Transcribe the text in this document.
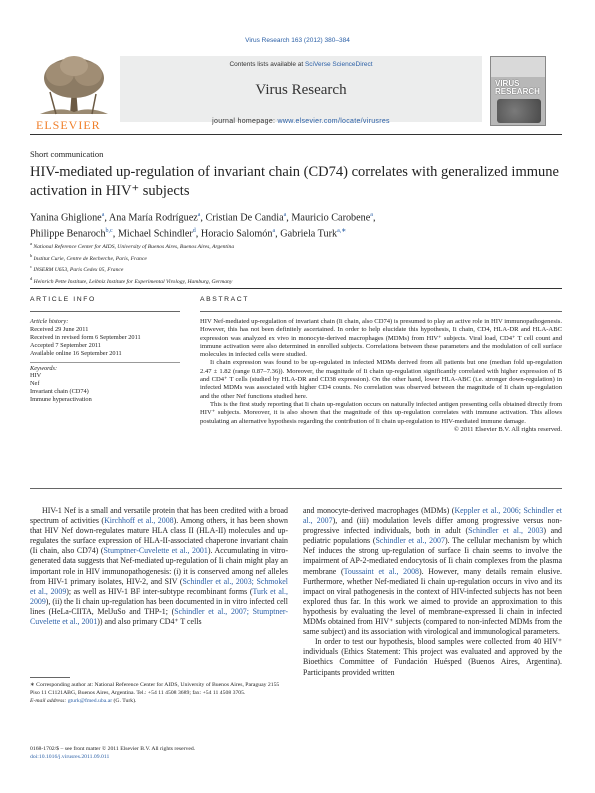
Virus Research 163 (2012) 380–384
ELSEVIER
Contents lists available at SciVerse ScienceDirect
Virus Research
journal homepage: www.elsevier.com/locate/virusres
VIRUS
RESEARCH
Short communication
HIV-mediated up-regulation of invariant chain (CD74) correlates with generalized immune activation in HIV⁺ subjects
Yanina Ghiglione$^a$, Ana María Rodríguez$^a$, Cristian De Candia$^a$, Mauricio Carobene$^a$,
Philippe Benaroch$^{b,c}$, Michael Schindler$^d$, Horacio Salomón$^a$, Gabriela Turk$^{a,∗}$
$^a$ National Reference Center for AIDS, University of Buenos Aires, Buenos Aires, Argentina
$^b$ Institut Curie, Centre de Recherche, Paris, France
$^c$ INSERM U653, Paris Cedex 05, France
$^d$ Heinrich Pette Institute, Leibniz Institute for Experimental Virology, Hamburg, Germany
ARTICLE INFO
Article history:
Received 29 June 2011
Received in revised form 6 September 2011
Accepted 7 September 2011
Available online 16 September 2011
Keywords:
HIV
Nef
Invariant chain (CD74)
Immune hyperactivation
ABSTRACT

HIV Nef-mediated up-regulation of invariant chain (Ii chain, also CD74) is presumed to play an active role in HIV immunopathogenesis. However, this has not been definitely ascertained. In order to help elucidate this hypothesis, Ii chain, CD4, HLA-DR and HLA-ABC expression was analyzed ex vivo in monocyte-derived macrophages (MDMs) from HIV⁺ subjects. Viral load, CD4⁺ T cell count and immune activation were also determined in enrolled subjects. Correlations between these parameters and the modulation of cell surface molecules in infected cells were studied.

Ii chain expression was found to be up-regulated in infected MDMs derived from all patients but one (median fold up-regulation 2.47 ± 1.82 (range 0.87–7.36)). Moreover, the magnitude of Ii chain up-regulation significantly correlated with higher expression of B and CD4⁺ T cells (studied by HLA-DR and CD38 expression). On the other hand, lower HLA-ABC (i.e. stronger down-regulation) in infected MDMs was associated with higher CD4 counts. No correlation was observed between the magnitude of Ii chain up-regulation and the other Nef functions studied here.

This is the first study reporting that Ii chain up-regulation occurs on naturally infected antigen presenting cells obtained directly from HIV⁺ subjects. Moreover, it is also shown that the magnitude of this up-regulation correlates with immune activation. This allows postulating an alternative hypothesis regarding the contribution of Ii chain up-regulation to HIV-mediated immune damage.

© 2011 Elsevier B.V. All rights reserved.

HIV-1 Nef is a small and versatile protein that has been credited with a broad spectrum of activities (Kirchhoff et al., 2008). Among others, it has been shown that HIV Nef down-regulates mature HLA class II (HLA-II) molecules and up-regulates the surface expression of HLA-II-associated chaperone invariant chain (Ii chain, also CD74) (Stumptner-Cuvelette et al., 2001). Accumulating in vitro-generated data suggests that Nef-mediated up-regulation of Ii chain might play an important role in HIV immunopathogenesis: (i) it is conserved among nef alleles from HIV-1 primary isolates, HIV-2, and SIV (Schindler et al., 2003; Schmokel et al., 2009); as well as HIV-1 BF inter-subtype recombinant forms (Turk et al., 2009), (ii) the Ii chain up-regulation has been documented in in vitro infected cell lines (HeLa-CIITA, MelJuSo and THP-1; (Schindler et al., 2007; Stumptner-Cuvelette et al., 2001)) and also primary CD4⁺ T cells

and monocyte-derived macrophages (MDMs) (Keppler et al., 2006; Schindler et al., 2007), and (iii) modulation levels differ among progressive versus non-progressive infected individuals, both in adult (Schindler et al., 2003) and pediatric populations (Schindler et al., 2007). The cellular mechanism by which Nef induces the strong up-regulation of surface Ii chain seems to involve the impairment of AP-2-mediated endocytosis of Ii chain complexes from the plasma membrane (Toussaint et al., 2008). However, many details remain elusive. Furthermore, whether Nef-mediated Ii chain up-regulation occurs in vivo and its impact on viral pathogenesis in the context of HIV-infected subjects has not been explored thus far. In this work we aimed to provide an approximation to this hypothesis by evaluating the level of membrane-expressed Ii chain in infected MDMs obtained from HIV⁺ subjects (compared to non-infected MDMs from the same subject) and its association with virological and immunological parameters.

In order to test our hypothesis, blood samples were collected from 40 HIV⁺ individuals (Ethics Statement: This project was evaluated and approved by the Bioethics Committee of Fundación Huésped (Buenos Aires, Argentina). Participants provided written

∗ Corresponding author at: National Reference Center for AIDS, University of Buenos Aires, Paraguay 2155 Piso 11 C1121ABG, Buenos Aires, Argentina. Tel.: +54 11 4508 3689; fax: +54 11 4508 3705.
E-mail address: gturk@fmed.uba.ar (G. Turk).
0168-1702/$ – see front matter © 2011 Elsevier B.V. All rights reserved.
doi:10.1016/j.virusres.2011.09.011
